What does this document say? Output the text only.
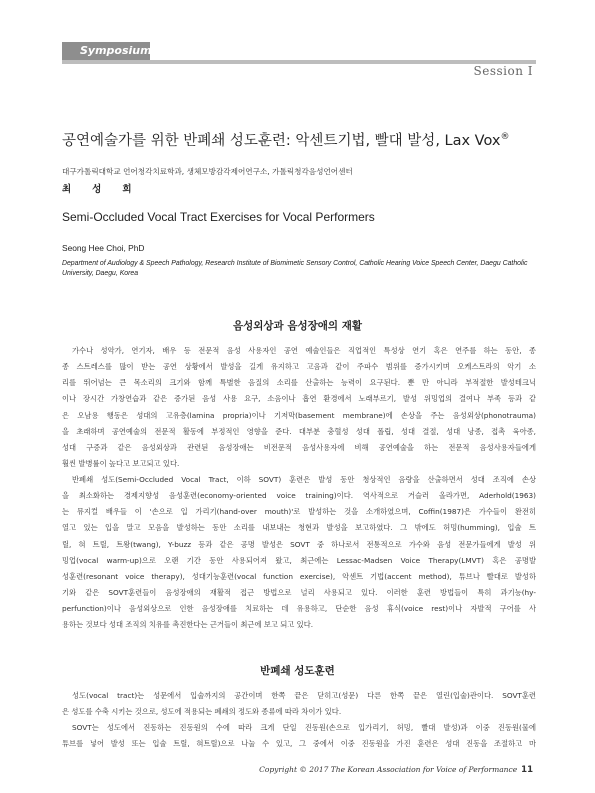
Symposium
Session I
공연예술가를 위한 반폐쇄 성도훈련: 악센트기법, 빨대 발성, Lax Vox®
대구가톨릭대학교 언어청각치료학과, 생체모방감각제어연구소, 가톨릭청각음성언어센터
최성희
Semi-Occluded Vocal Tract Exercises for Vocal Performers
Seong Hee Choi, PhD
Department of Audiology & Speech Pathology, Research Institute of Biomimetic Sensory Control, Catholic Hearing Voice Speech Center, Daegu Catholic University, Daegu, Korea
음성외상과 음성장애의 재활
가수나 성악가, 연기자, 배우 등 전문적 음성 사용자인 공연 예술인들은 직업적인 특성상 연기 혹은 연주를 하는 동안, 종
종 스트레스를 많이 받는 공연 상황에서 발성을 길게 유지하고 고음과 같이 주파수 범위를 증가시키며 오케스트라의 악기 소
리를 뛰어넘는 큰 목소리의 크기와 함께 특별한 음질의 소리를 산출하는 능력이 요구된다. 뿐 만 아니라 부적절한 발성테크닉
이나 장시간 가창연습과 같은 증가된 음성 사용 요구, 소음이나 흡연 환경에서 노래부르기, 발성 위밍업의 결여나 부족 등과 같
은 오남용 행동은 성대의 고유층(lamina propria)이나 기저막(basement membrane)에 손상을 주는 음성외상(phonotrauma)
을 초래하며 공연예술의 전문적 활동에 부정적인 영향을 준다. 대부분 충혈성 성대 폴립, 성대 결절, 성대 낭종, 접촉 육아종,
성대 구증과 같은 음성외상과 관련된 음성장애는 비전문적 음성사용자에 비해 공연예술을 하는 전문적 음성사용자들에게
훨씬 발병률이 높다고 보고되고 있다.
반폐쇄 성도(Semi-Occluded Vocal Tract, 이하 SOVT) 훈련은 발성 동안 청상적인 음량을 산출하면서 성대 조직에 손상
을 최소화하는 경제지향성 음성훈련(economy-oriented voice training)이다. 역사적으로 거슬러 올라가면, Aderhold(1963)
는 뮤지컬 배우들 이 '손으로 입 가리기(hand-over mouth)'로 발성하는 것을 소개하였으며, Coffin(1987)은 가수들이 완전히
열고 있는 입을 말고 모음을 발성하는 동안 소리를 내보내는 청현과 발성을 보고하였다. 그 밖에도 허밍(humming), 입술 트
릴, 혀 트릴, 트왕(twang), Y-buzz 등과 같은 공명 발성은 SOVT 중 하나로서 전통적으로 가수와 음성 전문가들에게 발성 위
밍업(vocal warm-up)으로 오랜 기간 동안 사용되어져 왔고, 최근에는 Lessac-Madsen Voice Therapy(LMVT) 혹은 공명발
성훈련(resonant voice therapy), 성대기능훈련(vocal function exercise), 악센트 기법(accent method), 튜브나 빨대로 발성하
기와 같은 SOVT훈련들이 음성장애의 재활적 접근 방법으로 널리 사용되고 있다. 이러한 훈련 방법들이 특히 과기능(hy-
perfunction)이나 음성외상으로 인한 음성장애를 치료하는 데 유용하고, 단순한 음성 휴식(voice rest)이나 자발적 구어를 사
용하는 것보다 성대 조직의 치유를 촉진한다는 근거들이 최근에 보고 되고 있다.
반폐쇄 성도훈련
성도(vocal tract)는 성문에서 입술까지의 공간이며 한쪽 끝은 닫히고(성문) 다른 한쪽 끝은 열린(입술)관이다. SOVT훈련
은 성도를 수축 시키는 것으로, 성도에 적용되는 폐쇄의 정도와 종류에 따라 차이가 있다.
SOVT는 성도에서 진동하는 진동원의 수에 따라 크게 단일 진동원(손으로 입가리기, 허밍, 빨대 발성)과 이중 진동원(물에
튜브를 넣어 발성 또는 입술 트릴, 혀트릴)으로 나눌 수 있고, 그 중에서 이중 진동원을 가진 훈련은 성대 진동을 조절하고 마
Copyright © 2017 The Korean Association for Voice of Performance 11
